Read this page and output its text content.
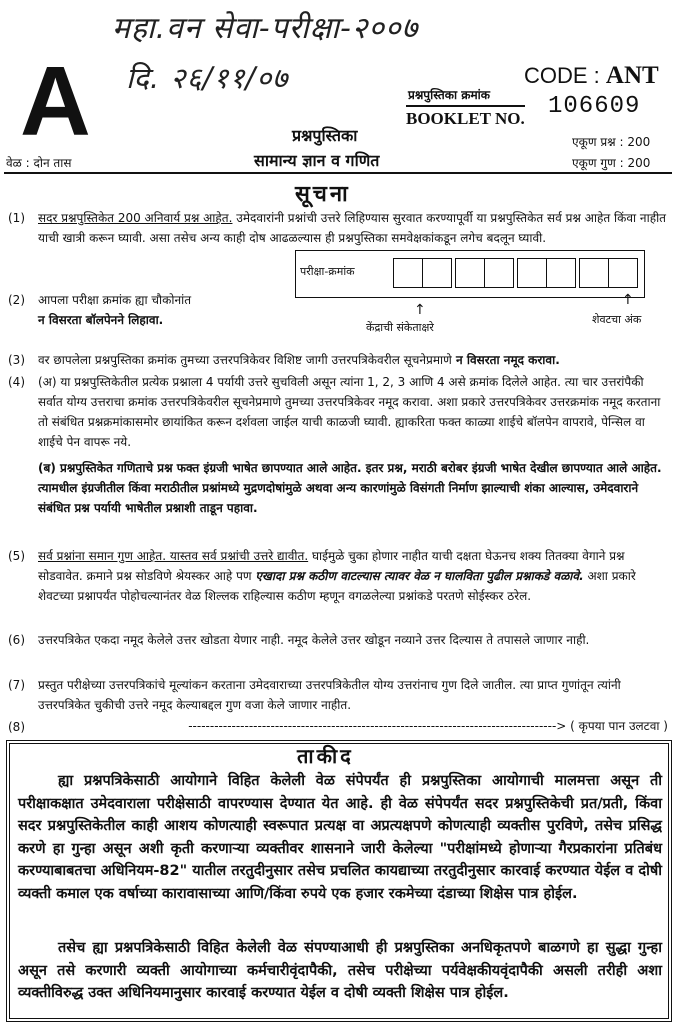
महा.वन सेवा-परीक्षा-२००७
दि. २६/११/०७
A	CODE : ANT
प्रश्नपुस्तिका क्रमांक
BOOKLET NO. 106609
प्रश्नपुस्तिका
सामान्य ज्ञान व गणित
वेळ : दोन तास
एकूण प्रश्न : 200
एकूण गुण : 200
सूचना
(1) सदर प्रश्नपुस्तिकेत 200 अनिवार्य प्रश्न आहेत. उमेदवारांनी प्रश्नांची उत्तरे लिहिण्यास सुरवात करण्यापूर्वी या प्रश्नपुस्तिकेत सर्व प्रश्न आहेत किंवा नाहीत याची खात्री करून घ्यावी. असा तसेच अन्य काही दोष आढळल्यास ही प्रश्नपुस्तिका समवेक्षकांकडून लगेच बदलून घ्यावी.
(2) आपला परीक्षा क्रमांक ह्या चौकोनांत
न विसरता बॉलपेनने लिहावा.
परीक्षा-क्रमांक
↑
↑
केंद्राची संकेताक्षरे
शेवटचा अंक
(3) वर छापलेला प्रश्नपुस्तिका क्रमांक तुमच्या उत्तरपत्रिकेवर विशिष्ट जागी उत्तरपत्रिकेवरील सूचनेप्रमाणे न विसरता नमूद करावा.
(4) (अ) या प्रश्नपुस्तिकेतील प्रत्येक प्रश्नाला 4 पर्यायी उत्तरे सुचविली असून त्यांना 1, 2, 3 आणि 4 असे क्रमांक दिलेले आहेत. त्या चार उत्तरांपैकी सर्वात योग्य उत्तराचा क्रमांक उत्तरपत्रिकेवरील सूचनेप्रमाणे तुमच्या उत्तरपत्रिकेवर नमूद करावा. अशा प्रकारे उत्तरपत्रिकेवर उत्तरक्रमांक नमूद करताना तो संबंधित प्रश्नक्रमांकासमोर छायांकित करून दर्शवला जाईल याची काळजी घ्यावी. ह्याकरिता फक्त काळ्या शाईचे बॉलपेन वापरावे, पेन्सिल वा शाईचे पेन वापरू नये.
(ब) प्रश्नपुस्तिकेत गणिताचे प्रश्न फक्त इंग्रजी भाषेत छापण्यात आले आहेत. इतर प्रश्न, मराठी बरोबर इंग्रजी भाषेत देखील छापण्यात आले आहेत. त्यामधील इंग्रजीतील किंवा मराठीतील प्रश्नांमध्ये मुद्रणदोषांमुळे अथवा अन्य कारणांमुळे विसंगती निर्माण झाल्याची शंका आल्यास, उमेदवाराने संबंधित प्रश्न पर्यायी भाषेतील प्रश्नाशी ताडून पहावा.
(5) सर्व प्रश्नांना समान गुण आहेत. यास्तव सर्व प्रश्नांची उत्तरे द्यावीत. घाईमुळे चुका होणार नाहीत याची दक्षता घेऊनच शक्य तितक्या वेगाने प्रश्न सोडवावेत. क्रमाने प्रश्न सोडविणे श्रेयस्कर आहे पण एखादा प्रश्न कठीण वाटल्यास त्यावर वेळ न घालविता पुढील प्रश्नाकडे वळावे. अशा प्रकारे शेवटच्या प्रश्नापर्यंत पोहोचल्यानंतर वेळ शिल्लक राहिल्यास कठीण म्हणून वगळलेल्या प्रश्नांकडे परतणे सोईस्कर ठरेल.
(6) उत्तरपत्रिकेत एकदा नमूद केलेले उत्तर खोडता येणार नाही. नमूद केलेले उत्तर खोडून नव्याने उत्तर दिल्यास ते तपासले जाणार नाही.
(7) प्रस्तुत परीक्षेच्या उत्तरपत्रिकांचे मूल्यांकन करताना उमेदवाराच्या उत्तरपत्रिकेतील योग्य उत्तरांनाच गुण दिले जातील. त्या प्राप्त गुणांतून त्यांनी उत्तरपत्रिकेत चुकीची उत्तरे नमूद केल्याबद्दल गुण वजा केले जाणार नाहीत.
(8)	-------------------------------------------------------------------------------------> ( कृपया पान उलटवा )
ताकीद
ह्या प्रश्नपत्रिकेसाठी आयोगाने विहित केलेली वेळ संपेपर्यंत ही प्रश्नपुस्तिका आयोगाची मालमत्ता असून ती परीक्षाकक्षात उमेदवाराला परीक्षेसाठी वापरण्यास देण्यात येत आहे. ही वेळ संपेपर्यंत सदर प्रश्नपुस्तिकेची प्रत/प्रती, किंवा सदर प्रश्नपुस्तिकेतील काही आशय कोणत्याही स्वरूपात प्रत्यक्ष वा अप्रत्यक्षपणे कोणत्याही व्यक्तीस पुरविणे, तसेच प्रसिद्ध करणे हा गुन्हा असून अशी कृती करणाऱ्या व्यक्तीवर शासनाने जारी केलेल्या "परीक्षांमध्ये होणाऱ्या गैरप्रकारांना प्रतिबंध करण्याबाबतचा अधिनियम-82" यातील तरतुदीनुसार तसेच प्रचलित कायद्याच्या तरतुदीनुसार कारवाई करण्यात येईल व दोषी व्यक्ती कमाल एक वर्षाच्या कारावासाच्या आणि/किंवा रुपये एक हजार रकमेच्या दंडाच्या शिक्षेस पात्र होईल.
तसेच ह्या प्रश्नपत्रिकेसाठी विहित केलेली वेळ संपण्याआधी ही प्रश्नपुस्तिका अनधिकृतपणे बाळगणे हा सुद्धा गुन्हा असून तसे करणारी व्यक्ती आयोगाच्या कर्मचारीवृंदापैकी, तसेच परीक्षेच्या पर्यवेक्षकीयवृंदापैकी असली तरीही अशा व्यक्तीविरुद्ध उक्त अधिनियमानुसार कारवाई करण्यात येईल व दोषी व्यक्ती शिक्षेस पात्र होईल.
